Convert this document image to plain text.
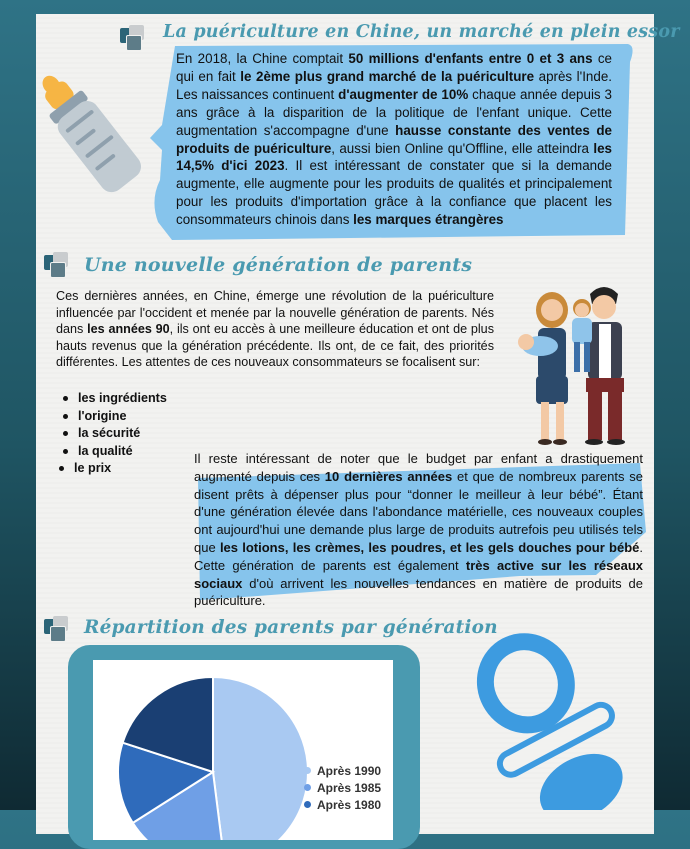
La puériculture en Chine, un marché en plein essor

En 2018, la Chine comptait 50 millions d'enfants entre 0 et 3 ans ce qui en fait le 2ème plus grand marché de la puériculture après l'Inde. Les naissances continuent d'augmenter de 10% chaque année depuis 3 ans grâce à la disparition de la politique de l'enfant unique. Cette augmentation s'accompagne d'une hausse constante des ventes de produits de puériculture, aussi bien Online qu'Offline, elle atteindra les 14,5% d'ici 2023. Il est intéressant de constater que si la demande augmente, elle augmente pour les produits de qualités et principalement pour les produits d'importation grâce à la confiance que placent les consommateurs chinois dans les marques étrangères

Une nouvelle génération de parents

Ces dernières années, en Chine, émerge une révolution de la puériculture influencée par l'occident et menée par la nouvelle génération de parents. Nés dans les années 90, ils ont eu accès à une meilleure éducation et ont de plus hauts revenus que la génération précédente. Ils ont, de ce fait, des priorités différentes. Les attentes de ces nouveaux consommateurs se focalisent sur:

les ingrédients
l'origine
la sécurité
la qualité
le prix

Il reste intéressant de noter que le budget par enfant a drastiquement augmenté depuis ces 10 dernières années et que de nombreux parents se disent prêts à dépenser plus pour “donner le meilleur à leur bébé”. Étant d'une génération élevée dans l'abondance matérielle, ces nouveaux couples ont aujourd'hui une demande plus large de produits autrefois peu utilisés tels que les lotions, les crèmes, les poudres, et les gels douches pour bébé. Cette génération de parents est également très active sur les réseaux sociaux d'où arrivent les nouvelles tendances en matière de produits de puériculture.

Répartition des parents par génération
Après 1990
Après 1985
Après 1980
